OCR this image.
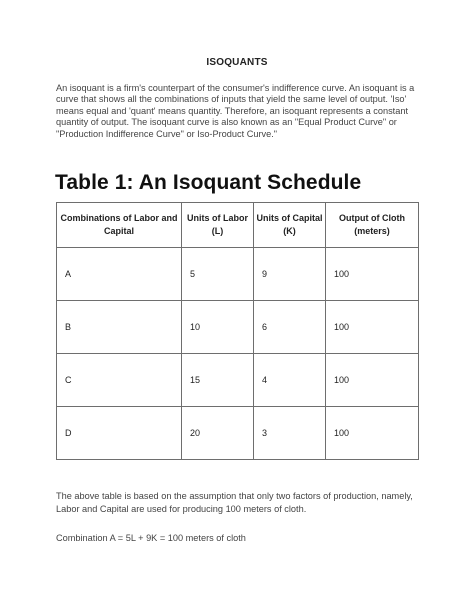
ISOQUANTS
An isoquant is a firm's counterpart of the consumer's indifference curve. An isoquant is a curve that shows all the combinations of inputs that yield the same level of output. 'Iso' means equal and 'quant' means quantity. Therefore, an isoquant represents a constant quantity of output. The isoquant curve is also known as an "Equal Product Curve" or "Production Indifference Curve" or Iso-Product Curve."
Table 1: An Isoquant Schedule
Combinations of Labor and Capital	Units of Labor (L)	Units of Capital (K)	Output of Cloth (meters)
A	5	9	100
B	10	6	100
C	15	4	100
D	20	3	100
The above table is based on the assumption that only two factors of production, namely, Labor and Capital are used for producing 100 meters of cloth.
Combination A = 5L + 9K = 100 meters of cloth
